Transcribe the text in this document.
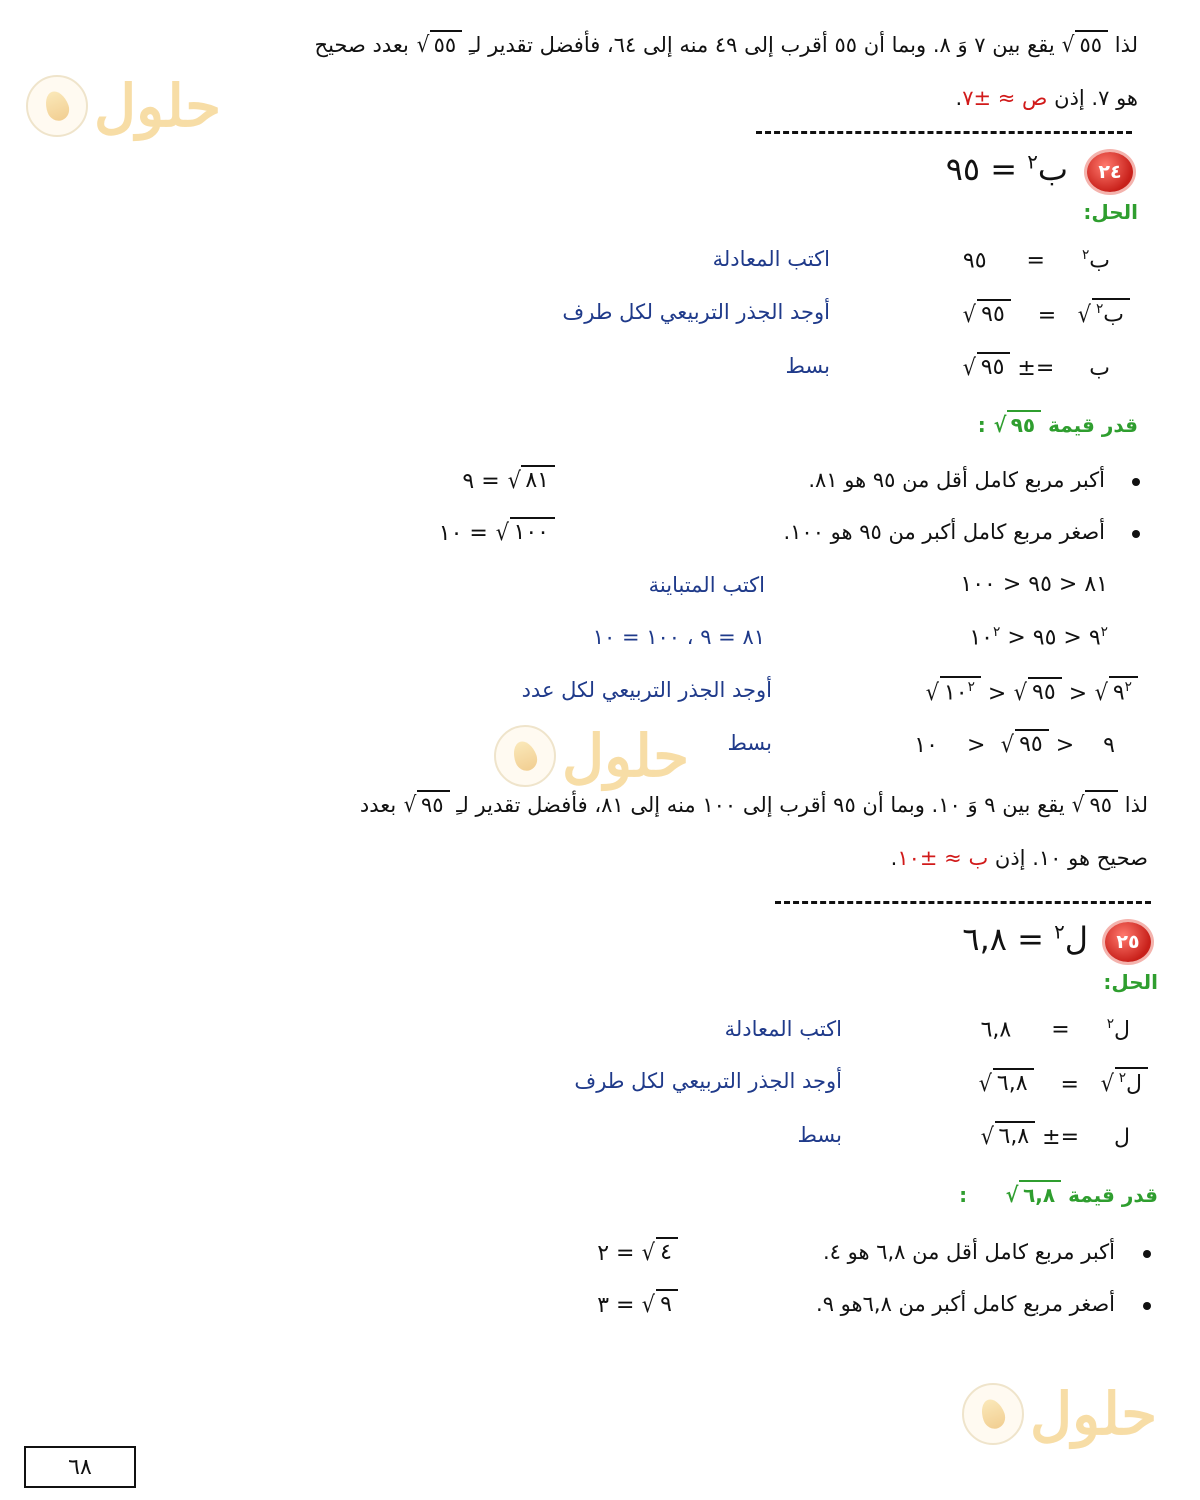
لذا
√ ٥٥
يقع بين ٧ وَ ٨. وبما أن ٥٥ أقرب إلى ٤٩ منه إلى ٦٤، فأفضل تقدير لـِ
√ ٥٥
بعدد صحيح
هو ٧. إذن ص ≈ ±٧.
حلول
٢٤
ب$^٢$ = ٩٥
الحل:
ب$^٢$ =٩٥
اكتب المعادلة
√ ب$^٢$
=
√ ٩٥
أوجد الجذر التربيعي لكل طرف
ب =±
√ ٩٥
بسط
قدر قيمة
√ ٩٥
:
أكبر مربع كامل أقل من ٩٥ هو ٨١.
√ ٨١
= ٩
أصغر مربع كامل أكبر من ٩٥ هو ١٠٠.
√ ١٠٠
= ١٠
٨١ < ٩٥ < ١٠٠
اكتب المتباينة
$٩^٢$ < ٩٥ < $١٠^٢$
٨١ = ٩ ، ١٠٠ = ١٠
√ $٩^٢$
<
√ ٩٥
<
√ $١٠^٢$
أوجد الجذر التربيعي لكل عدد
٩ <
√ ٩٥
< ١٠
بسط
حلول
لذا
√ ٩٥
يقع بين ٩ وَ ١٠. وبما أن ٩٥ أقرب إلى ١٠٠ منه إلى ٨١، فأفضل تقدير لـِ
√ ٩٥
بعدد
صحيح هو ١٠. إذن ب ≈ ±١٠.
٢٥
ل$^٢$ = ٦,٨
الحل:
ل$^٢$ =٦,٨
اكتب المعادلة
√ ل$^٢$
=
√ ٦,٨
أوجد الجذر التربيعي لكل طرف
ل =±
√ ٦,٨
بسط
قدر قيمة
√ ٦,٨
:
أكبر مربع كامل أقل من ٦,٨ هو ٤.
√ ٤
= ٢
أصغر مربع كامل أكبر من ٦,٨هو ٩.
√ ٩
= ٣
حلول
٦٨
